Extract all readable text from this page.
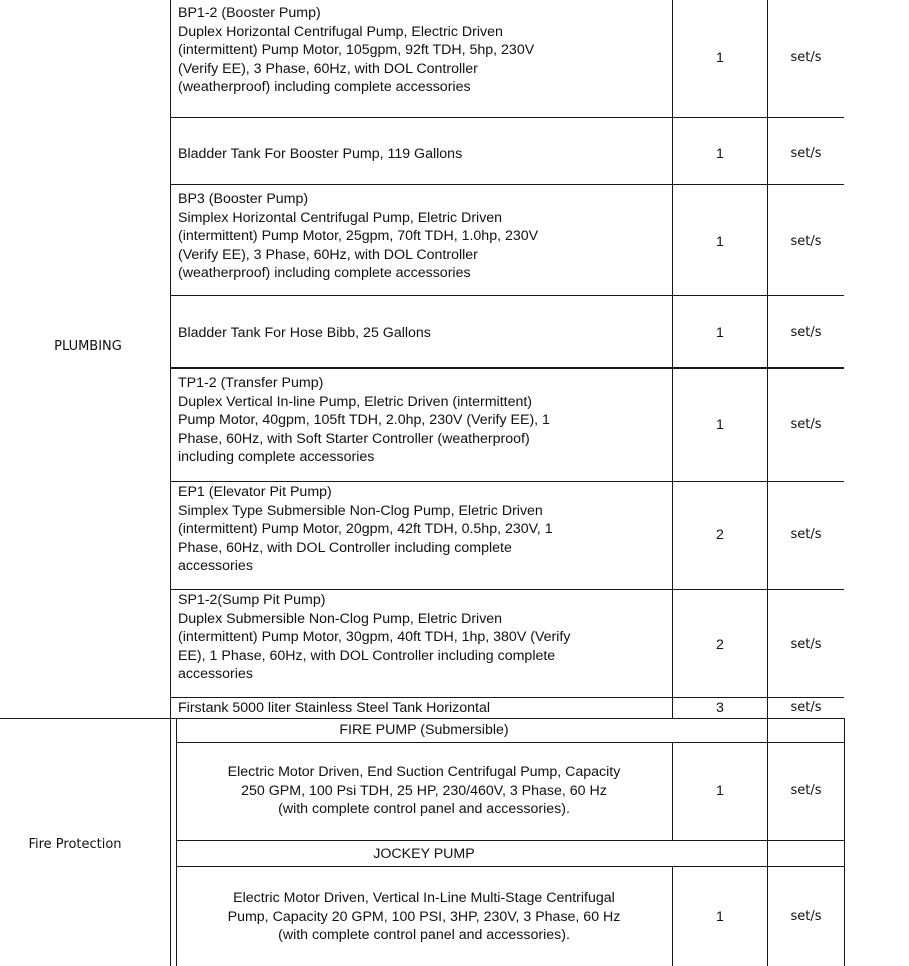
PLUMBING
BP1-2 (Booster Pump)
Duplex Horizontal Centrifugal Pump, Electric Driven
(intermittent) Pump Motor, 105gpm, 92ft TDH, 5hp, 230V
(Verify EE), 3 Phase, 60Hz, with DOL Controller
(weatherproof) including complete accessories
1	set/s
Bladder Tank For Booster Pump, 119 Gallons	1	set/s
BP3 (Booster Pump)
Simplex Horizontal Centrifugal Pump, Eletric Driven
(intermittent) Pump Motor, 25gpm, 70ft TDH, 1.0hp, 230V
(Verify EE), 3 Phase, 60Hz, with DOL Controller
(weatherproof) including complete accessories
1	set/s
Bladder Tank For Hose Bibb, 25 Gallons	1	set/s
TP1-2 (Transfer Pump)
Duplex Vertical In-line Pump, Eletric Driven (intermittent)
Pump Motor, 40gpm, 105ft TDH, 2.0hp, 230V (Verify EE), 1
Phase, 60Hz, with Soft Starter Controller (weatherproof)
including complete accessories
1	set/s
EP1 (Elevator Pit Pump)
Simplex Type Submersible Non-Clog Pump, Eletric Driven
(intermittent) Pump Motor, 20gpm, 42ft TDH, 0.5hp, 230V, 1
Phase, 60Hz, with DOL Controller including complete
accessories
2	set/s
SP1-2(Sump Pit Pump)
Duplex Submersible Non-Clog Pump, Eletric Driven
(intermittent) Pump Motor, 30gpm, 40ft TDH, 1hp, 380V (Verify
EE), 1 Phase, 60Hz, with DOL Controller including complete
accessories
2	set/s
Firstank 5000 liter Stainless Steel Tank Horizontal	3	set/s
Fire Protection
FIRE PUMP (Submersible)
Electric Motor Driven, End Suction Centrifugal Pump, Capacity
250 GPM, 100 Psi TDH, 25 HP, 230/460V, 3 Phase, 60 Hz
(with complete control panel and accessories).
1	set/s
JOCKEY PUMP
Electric Motor Driven, Vertical In-Line Multi-Stage Centrifugal
Pump, Capacity 20 GPM, 100 PSI, 3HP, 230V, 3 Phase, 60 Hz
(with complete control panel and accessories).
1	set/s
